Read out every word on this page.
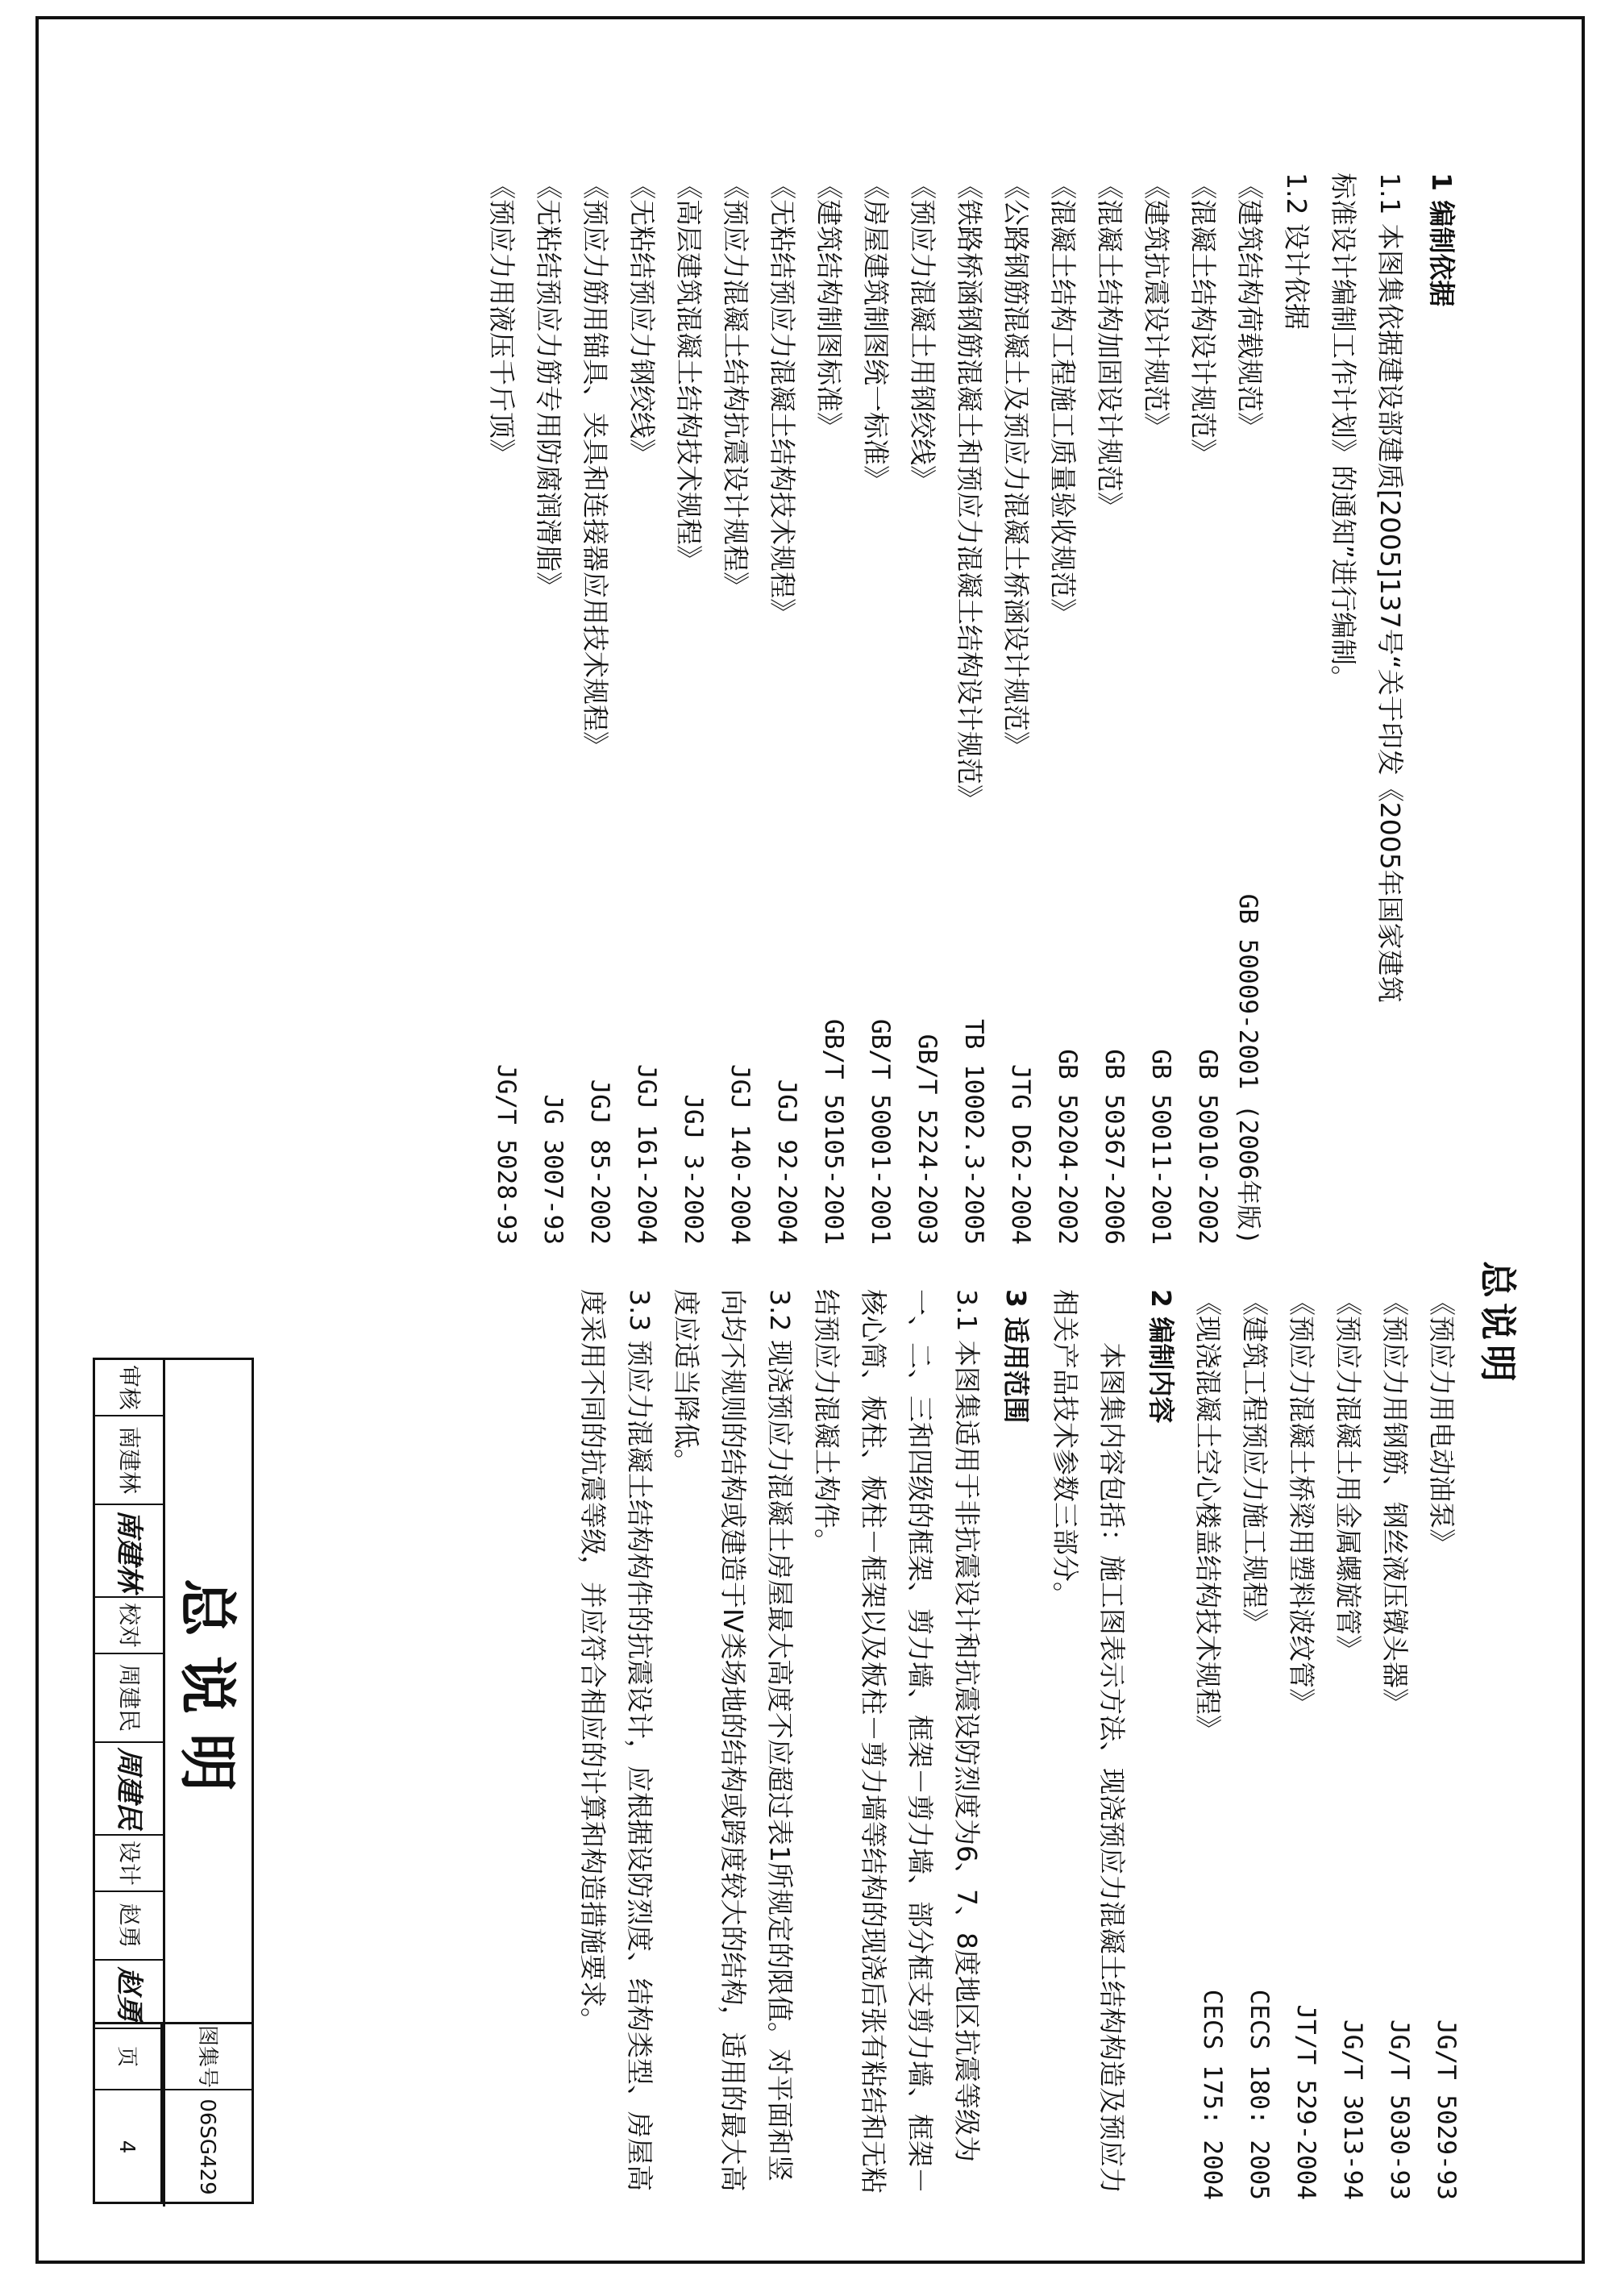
总说明
1 编制依据
1.1 本图集依据建设部建质[2005]137号“关于印发《2005年国家建筑
标准设计编制工作计划》的通知”进行编制。
1.2 设计依据
《建筑结构荷载规范》
GB 50009-2001 (2006年版)
《混凝土结构设计规范》
GB 50010-2002
《建筑抗震设计规范》
GB 50011-2001
《混凝土结构加固设计规范》
GB 50367-2006
《混凝土结构工程施工质量验收规范》
GB 50204-2002
《公路钢筋混凝土及预应力混凝土桥涵设计规范》
JTG D62-2004
《铁路桥涵钢筋混凝土和预应力混凝土结构设计规范》
TB 10002.3-2005
《预应力混凝土用钢绞线》
GB/T 5224-2003
《房屋建筑制图统一标准》
GB/T 50001-2001
《建筑结构制图标准》
GB/T 50105-2001
《无粘结预应力混凝土结构技术规程》
JGJ 92-2004
《预应力混凝土结构抗震设计规程》
JGJ 140-2004
《高层建筑混凝土结构技术规程》
JGJ 3-2002
《无粘结预应力钢绞线》
JGJ 161-2004
《预应力筋用锚具、夹具和连接器应用技术规程》
JGJ 85-2002
《无粘结预应力筋专用防腐润滑脂》
JG 3007-93
《预应力用液压千斤顶》
JG/T 5028-93
《预应力用电动油泵》
JG/T 5029-93
《预应力用钢筋、钢丝液压镦头器》
JG/T 5030-93
《预应力混凝土用金属螺旋管》
JG/T 3013-94
《预应力混凝土桥梁用塑料波纹管》
JT/T 529-2004
《建筑工程预应力施工规程》
CECS 180: 2005
《现浇混凝土空心楼盖结构技术规程》
CECS 175: 2004
2 编制内容
本图集内容包括：施工图表示方法、现浇预应力混凝土结构构造及预应力相关产品技术参数三部分。
3 适用范围
3.1 本图集适用于非抗震设计和抗震设防烈度为6、7、8度地区抗震等级为一、二、三和四级的框架、剪力墙、框架－剪力墙、部分框支剪力墙、框架－核心筒、板柱、板柱－框架以及板柱－剪力墙等结构的现浇后张有粘结和无粘结预应力混凝土构件。
3.2 现浇预应力混凝土房屋最大高度不应超过表1所规定的限值。对平面和竖向均不规则的结构或建造于Ⅳ类场地的结构或跨度较大的结构，适用的最大高度应适当降低。
3.3 预应力混凝土结构构件的抗震设计，应根据设防烈度、结构类型、房屋高度采用不同的抗震等级，并应符合相应的计算和构造措施要求。
总说明
图集号
06SG429
页
4
审核
南建林
南建林
校对
周建民
周建民
设计
赵勇
赵勇
